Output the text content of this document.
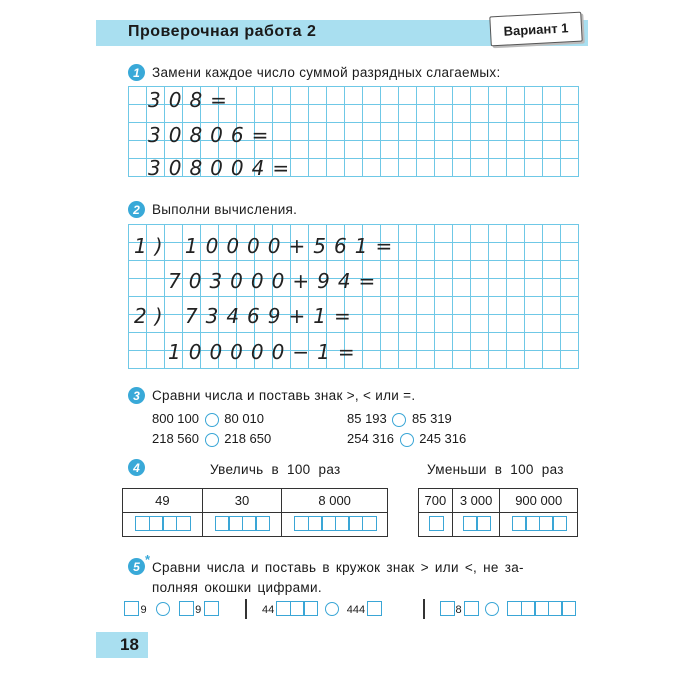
Проверочная работа 2	Вариант 1
1 Замени каждое число суммой разрядных слагаемых:
308=
30806=
308004=
2 Выполни вычисления.
1) 10000+561=
703000+94=
2) 73469+1=
100000−1=
3 Сравни числа и поставь знак >, < или =.
800 100 80 010	85 193 85 319
218 560 218 650	254 316 245 316
4	Увеличь в 100 раз	Уменьши в 100 раз
49	30	8 000

		700	3 000	900 000

5 *
Сравни числа и поставь в кружок знак > или <, не за-
полняя окошки цифрами.
9	9	44	444	8
18
